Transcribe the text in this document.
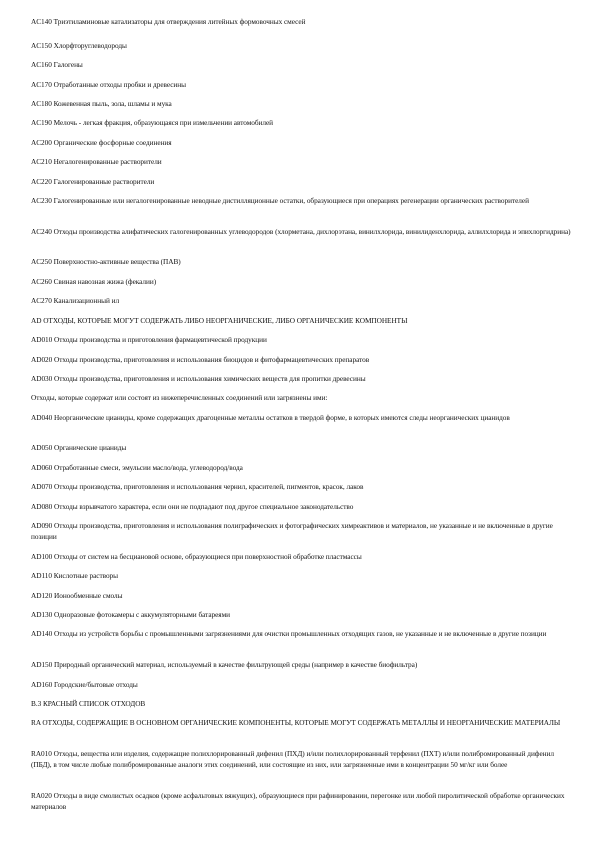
AC140 Триэтиламиновые катализаторы для отверждения литейных формовочных смесей
AC150 Хлорфторуглеводороды
AC160 Галогены
AC170 Отработанные отходы пробки и древесины
AC180 Кожевенная пыль, зола, шламы и мука
AC190 Мелочь - легкая фракция, образующаяся при измельчении автомобилей
AC200 Органические фосфорные соединения
AC210 Негалогенированные растворители
AC220 Галогенированные растворители
AC230 Галогенированные или негалогенированные неводные дистилляционные остатки, образующиеся при операциях регенерации органических растворителей
AC240 Отходы производства алифатических галогенированных углеводородов (хлорметана, дихлорэтана, винилхлорида, винилиденхлорида, аллилхлорида и эпихлоргидрина)
AC250 Поверхностно-активные вещества (ПАВ)
AC260 Свиная навозная жижа (фекалии)
AC270 Канализационный ил
AD ОТХОДЫ, КОТОРЫЕ МОГУТ СОДЕРЖАТЬ ЛИБО НЕОРГАНИЧЕСКИЕ, ЛИБО ОРГАНИЧЕСКИЕ КОМПОНЕНТЫ
AD010 Отходы производства и приготовления фармацевтической продукции
AD020 Отходы производства, приготовления и использования биоцидов и фитофармацевтических препаратов
AD030 Отходы производства, приготовления и использования химических веществ для пропитки древесины
Отходы, которые содержат или состоят из нижеперечисленных соединений или загрязнены ими:
AD040 Неорганические цианиды, кроме содержащих драгоценные металлы остатков в твердой форме, в которых имеются следы неорганических цианидов
AD050 Органические цианиды
AD060 Отработанные смеси, эмульсии масло/вода, углеводород/вода
AD070 Отходы производства, приготовления и использования чернил, красителей, пигментов, красок, лаков
AD080 Отходы взрывчатого характера, если они не подпадают под другое специальное законодательство
AD090 Отходы производства, приготовления и использования полиграфических и фотографических химреактивов и материалов, не указанные и не включенные в другие позиции
AD100 Отходы от систем на бесциановой основе, образующиеся при поверхностной обработке пластмассы
AD110 Кислотные растворы
AD120 Ионообменные смолы
AD130 Одноразовые фотокамеры с аккумуляторными батареями
AD140 Отходы из устройств борьбы с промышленными загрязнениями для очистки промышленных отходящих газов, не указанные и не включенные в другие позиции
AD150 Природный органический материал, используемый в качестве фильтрующей среды (например в качестве биофильтра)
AD160 Городские/бытовые отходы
В.3 КРАСНЫЙ СПИСОК ОТХОДОВ
RA ОТХОДЫ, СОДЕРЖАЩИЕ В ОСНОВНОМ ОРГАНИЧЕСКИЕ КОМПОНЕНТЫ, КОТОРЫЕ МОГУТ СОДЕРЖАТЬ МЕТАЛЛЫ И НЕОРГАНИЧЕСКИЕ МАТЕРИАЛЫ
RA010 Отходы, вещества или изделия, содержащие полихлорированный дифенил (ПХД) и/или полихлорированный терфенил (ПХТ) и/или полибромированный дифенил (ПБД), в том числе любые полибромированные аналоги этих соединений, или состоящие из них, или загрязненные ими в концентрации 50 мг/кг или более
RA020 Отходы в виде смолистых осадков (кроме асфальтовых вяжущих), образующиеся при рафинировании, перегонке или любой пиролитической обработке органических материалов
